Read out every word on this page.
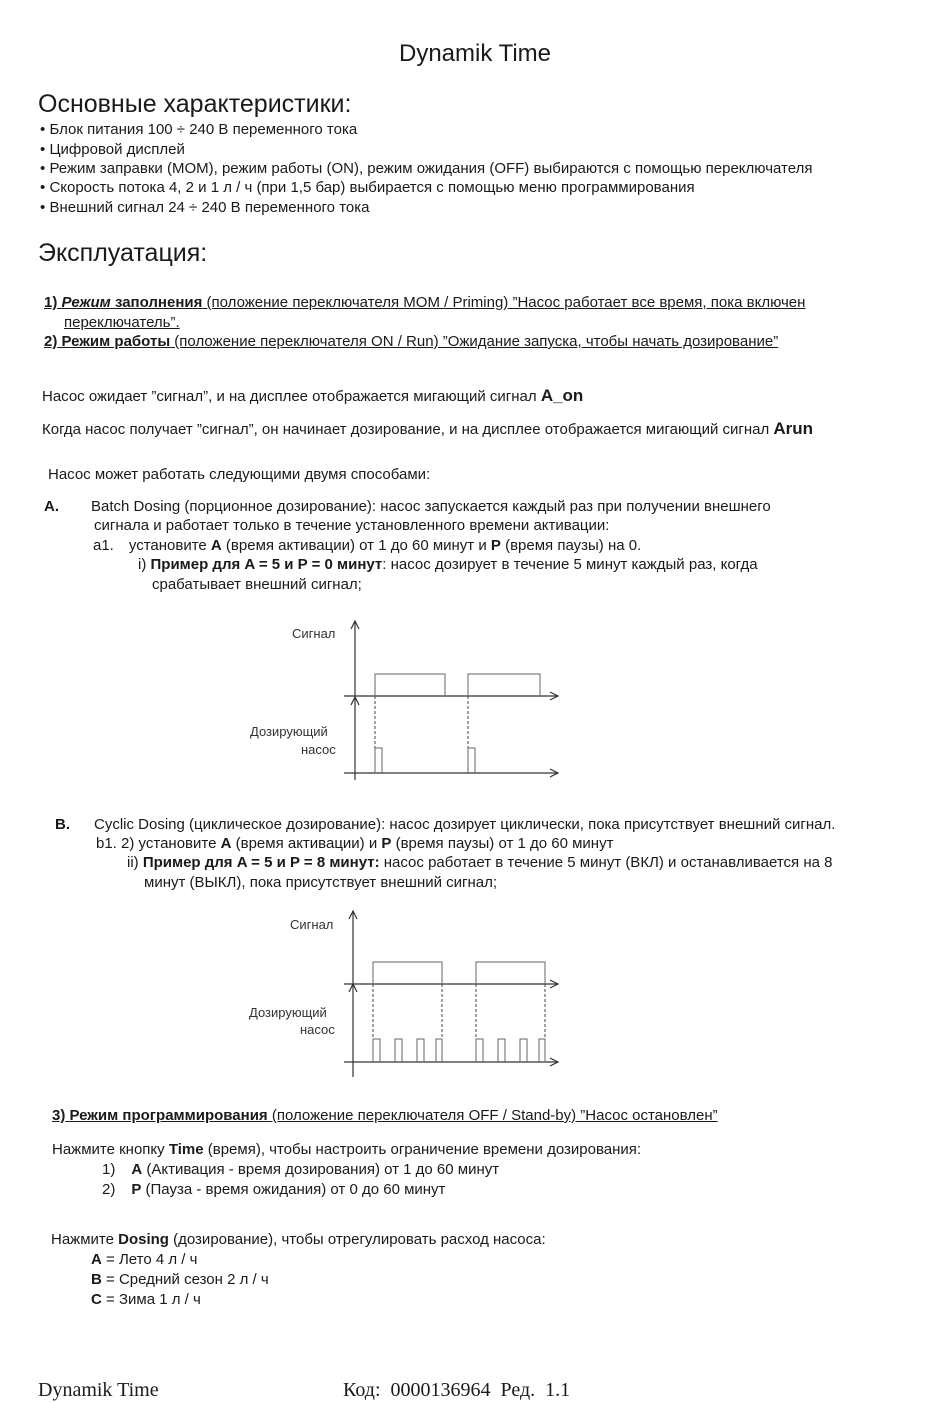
Dynamik Time
Основные характеристики:
• Блок питания 100 ÷ 240 В переменного тока
• Цифровой дисплей
• Режим заправки (МОМ), режим работы (ON), режим ожидания (OFF) выбираются с помощью переключателя
• Скорость потока 4, 2 и 1 л / ч (при 1,5 бар) выбирается с помощью меню программирования
• Внешний сигнал 24 ÷ 240 В переменного тока
Эксплуатация:
1) Режим заполнения (положение переключателя MOM / Priming) ”Насос работает все время, пока включен
переключатель”.
2) Режим работы (положение переключателя ON / Run) ”Ожидание запуска, чтобы начать дозирование”
Насос ожидает ”сигнал”, и на дисплее отображается мигающий сигнал A_on
Когда насос получает ”сигнал”, он начинает дозирование, и на дисплее отображается мигающий сигнал Arun
Насос может работать следующими двумя способами:
A. Batch Dosing (порционное дозирование): насос запускается каждый раз при получении внешнего
сигнала и работает только в течение установленного времени активации:
a1. установите A (время активации) от 1 до 60 минут и P (время паузы) на 0.
i) Пример для A = 5 и P = 0 минут: насос дозирует в течение 5 минут каждый раз, когда
срабатывает внешний сигнал;
Сигнал
Дозирующий
насос
B. Cyclic Dosing (циклическое дозирование): насос дозирует циклически, пока присутствует внешний сигнал.
b1. 2) установите A (время активации) и P (время паузы) от 1 до 60 минут
ii) Пример для A = 5 и P = 8 минут: насос работает в течение 5 минут (ВКЛ) и останавливается на 8
минут (ВЫКЛ), пока присутствует внешний сигнал;
Сигнал
Дозирующий
насос
3) Режим программирования (положение переключателя OFF / Stand-by) ”Насос остановлен”
Нажмите кнопку Time (время), чтобы настроить ограничение времени дозирования:
1) A (Активация - время дозирования) от 1 до 60 минут
2) P (Пауза - время ожидания) от 0 до 60 минут
Нажмите Dosing (дозирование), чтобы отрегулировать расход насоса:
A = Лето 4 л / ч
B = Средний сезон 2 л / ч
C = Зима 1 л / ч
Dynamik Time	Код:  0000136964  Ред.  1.1
